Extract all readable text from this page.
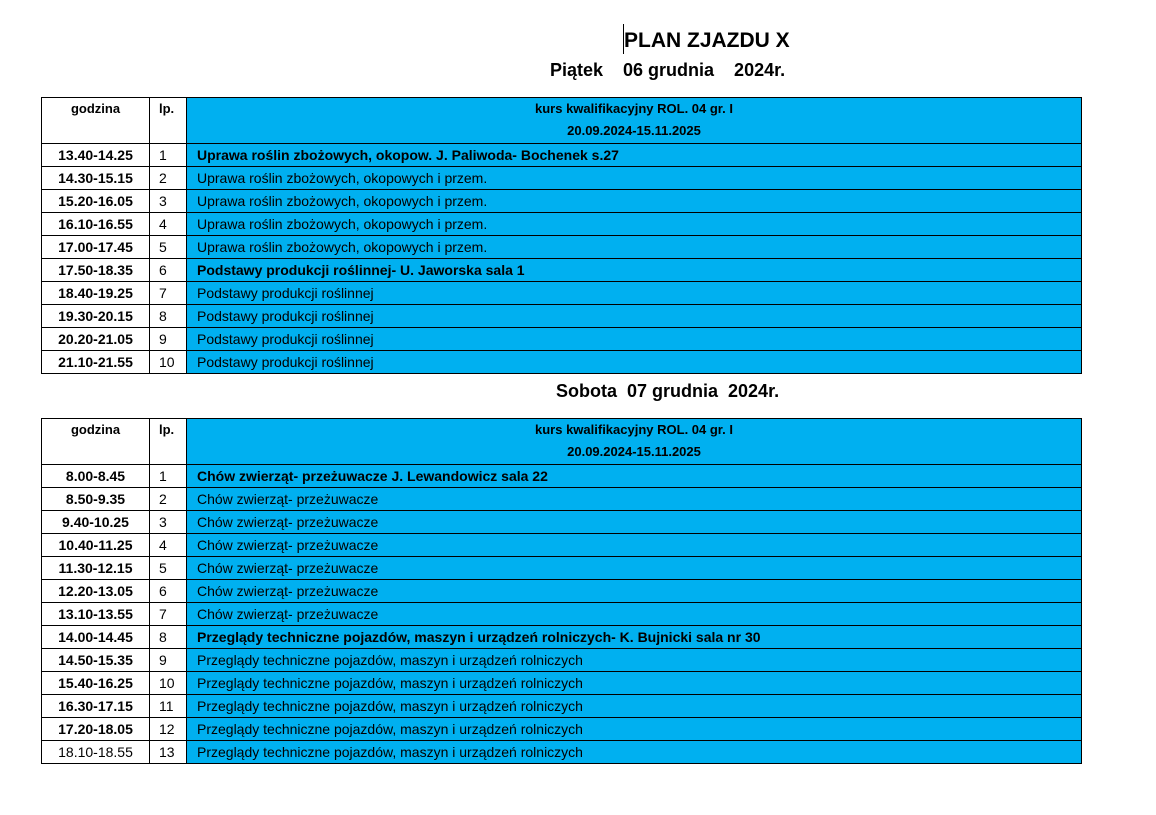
PLAN ZJAZDU X
Piątek    06 grudnia    2024r.
godzina	lp.	kurs kwalifikacyjny ROL. 04 gr. I
20.09.2024-15.11.2025

13.40-14.25	1	Uprawa roślin zbożowych, okopow. J. Paliwoda- Bochenek s.27
14.30-15.15	2	Uprawa roślin zbożowych, okopowych i przem.
15.20-16.05	3	Uprawa roślin zbożowych, okopowych i przem.
16.10-16.55	4	Uprawa roślin zbożowych, okopowych i przem.
17.00-17.45	5	Uprawa roślin zbożowych, okopowych i przem.
17.50-18.35	6	Podstawy produkcji roślinnej- U. Jaworska sala 1
18.40-19.25	7	Podstawy produkcji roślinnej
19.30-20.15	8	Podstawy produkcji roślinnej
20.20-21.05	9	Podstawy produkcji roślinnej
21.10-21.55	10	Podstawy produkcji roślinnej
Sobota  07 grudnia  2024r.
godzina	lp.	kurs kwalifikacyjny ROL. 04 gr. I
20.09.2024-15.11.2025

8.00-8.45	1	Chów zwierząt- przeżuwacze J. Lewandowicz sala 22
8.50-9.35	2	Chów zwierząt- przeżuwacze
9.40-10.25	3	Chów zwierząt- przeżuwacze
10.40-11.25	4	Chów zwierząt- przeżuwacze
11.30-12.15	5	Chów zwierząt- przeżuwacze
12.20-13.05	6	Chów zwierząt- przeżuwacze
13.10-13.55	7	Chów zwierząt- przeżuwacze
14.00-14.45	8	Przeglądy techniczne pojazdów, maszyn i urządzeń rolniczych- K. Bujnicki sala nr 30
14.50-15.35	9	Przeglądy techniczne pojazdów, maszyn i urządzeń rolniczych
15.40-16.25	10	Przeglądy techniczne pojazdów, maszyn i urządzeń rolniczych
16.30-17.15	11	Przeglądy techniczne pojazdów, maszyn i urządzeń rolniczych
17.20-18.05	12	Przeglądy techniczne pojazdów, maszyn i urządzeń rolniczych
18.10-18.55	13	Przeglądy techniczne pojazdów, maszyn i urządzeń rolniczych
